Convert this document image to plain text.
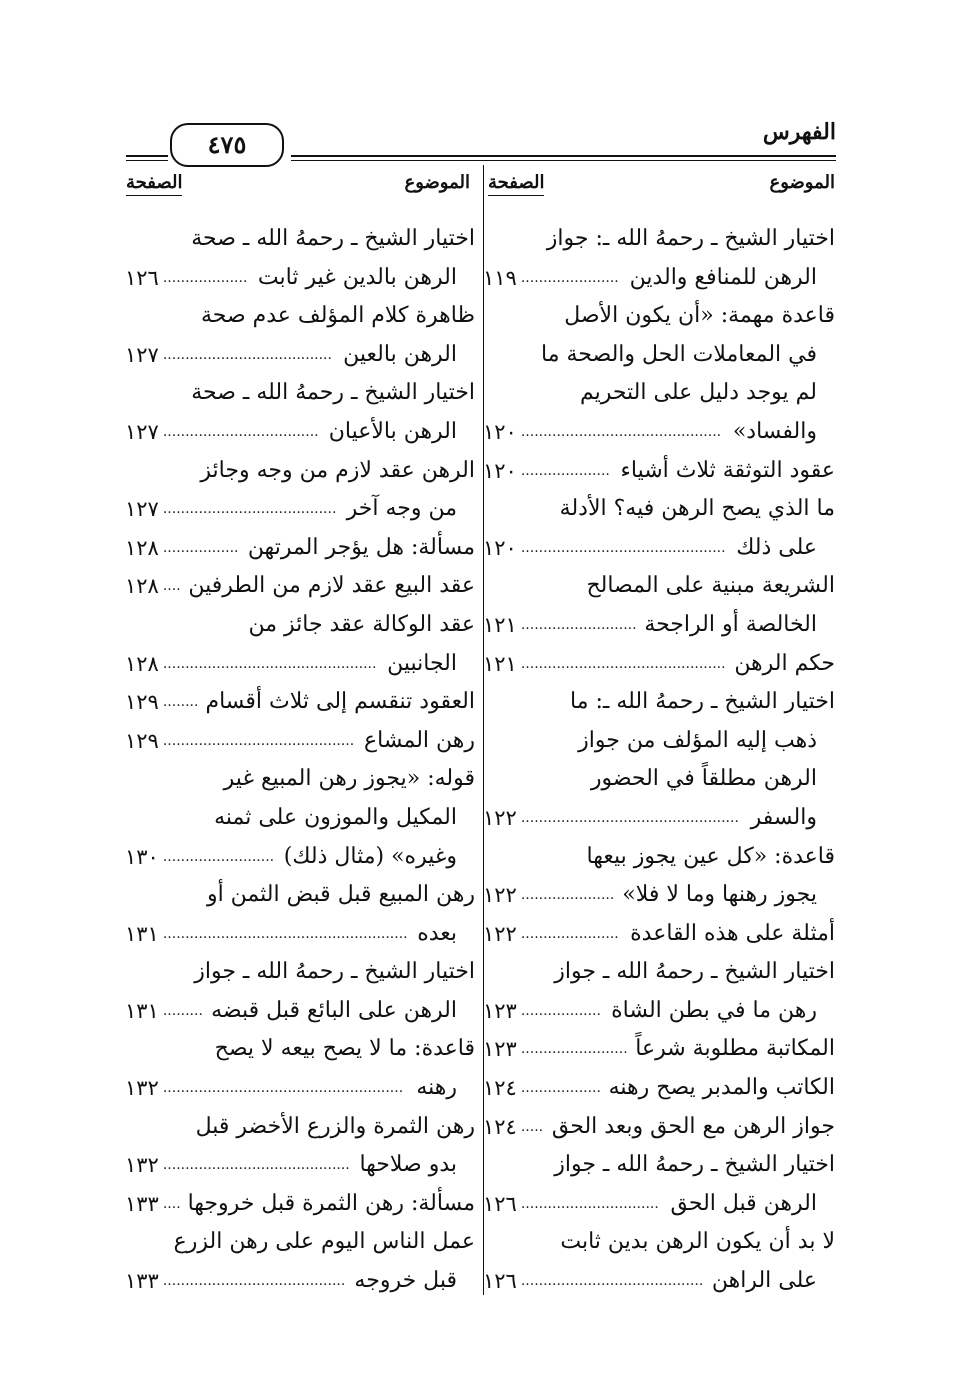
الفهرس
٤٧٥
الموضوع
الصفحة
الموضوع
الصفحة
اختيار الشيخ ـ رحمهُ الله ـ: جواز
الرهن للمنافع والدين
١١٩ ......................
قاعدة مهمة: «أن يكون الأصل
في المعاملات الحل والصحة ما
لم يوجد دليل على التحريم
والفساد»
١٢٠ .............................................
عقود التوثقة ثلاث أشياء
١٢٠ ....................
ما الذي يصح الرهن فيه؟ الأدلة
على ذلك
١٢٠ ..............................................
الشريعة مبنية على المصالح
الخالصة أو الراجحة
١٢١ ..........................
حكم الرهن
١٢١ ..............................................
اختيار الشيخ ـ رحمهُ الله ـ: ما
ذهب إليه المؤلف من جواز
الرهن مطلقاً في الحضور
والسفر
١٢٢ .................................................
قاعدة: «كل عين يجوز بيعها
يجوز رهنها وما لا فلا»
١٢٢ .....................
أمثلة على هذه القاعدة
١٢٢ ......................
اختيار الشيخ ـ رحمهُ الله ـ جواز
رهن ما في بطن الشاة
١٢٣ ..................
المكاتبة مطلوبة شرعاً
١٢٣ ........................
الكاتب والمدبر يصح رهنه
١٢٤ ..................
جواز الرهن مع الحق وبعد الحق
١٢٤ .....
اختيار الشيخ ـ رحمهُ الله ـ جواز
الرهن قبل الحق
١٢٦ ...............................
لا بد أن يكون الرهن بدين ثابت
على الراهن
١٢٦ .........................................
اختيار الشيخ ـ رحمهُ الله ـ صحة
الرهن بالدين غير ثابت
١٢٦ ...................
ظاهرة كلام المؤلف عدم صحة
الرهن بالعين
١٢٧ ......................................
اختيار الشيخ ـ رحمهُ الله ـ صحة
الرهن بالأعيان
١٢٧ ...................................
الرهن عقد لازم من وجه وجائز
من وجه آخر
١٢٧ .......................................
مسألة: هل يؤجر المرتهن
١٢٨ .................
عقد البيع عقد لازم من الطرفين
١٢٨ ....
عقد الوكالة عقد جائز من
الجانبين
١٢٨ ................................................
العقود تنقسم إلى ثلاث أقسام
١٢٩ ........
رهن المشاع
١٢٩ ...........................................
قوله: «يجوز رهن المبيع غير
المكيل والموزون على ثمنه
وغيره» (مثال ذلك)
١٣٠ .........................
رهن المبيع قبل قبض الثمن أو
بعده
١٣١ .......................................................
اختيار الشيخ ـ رحمهُ الله ـ جواز
الرهن على البائع قبل قبضه
١٣١ .........
قاعدة: ما لا يصح بيعه لا يصح
رهنه
١٣٢ ......................................................
رهن الثمرة والزرع الأخضر قبل
بدو صلاحها
١٣٢ ..........................................
مسألة: رهن الثمرة قبل خروجها
١٣٣ ....
عمل الناس اليوم على رهن الزرع
قبل خروجه
١٣٣ .........................................
